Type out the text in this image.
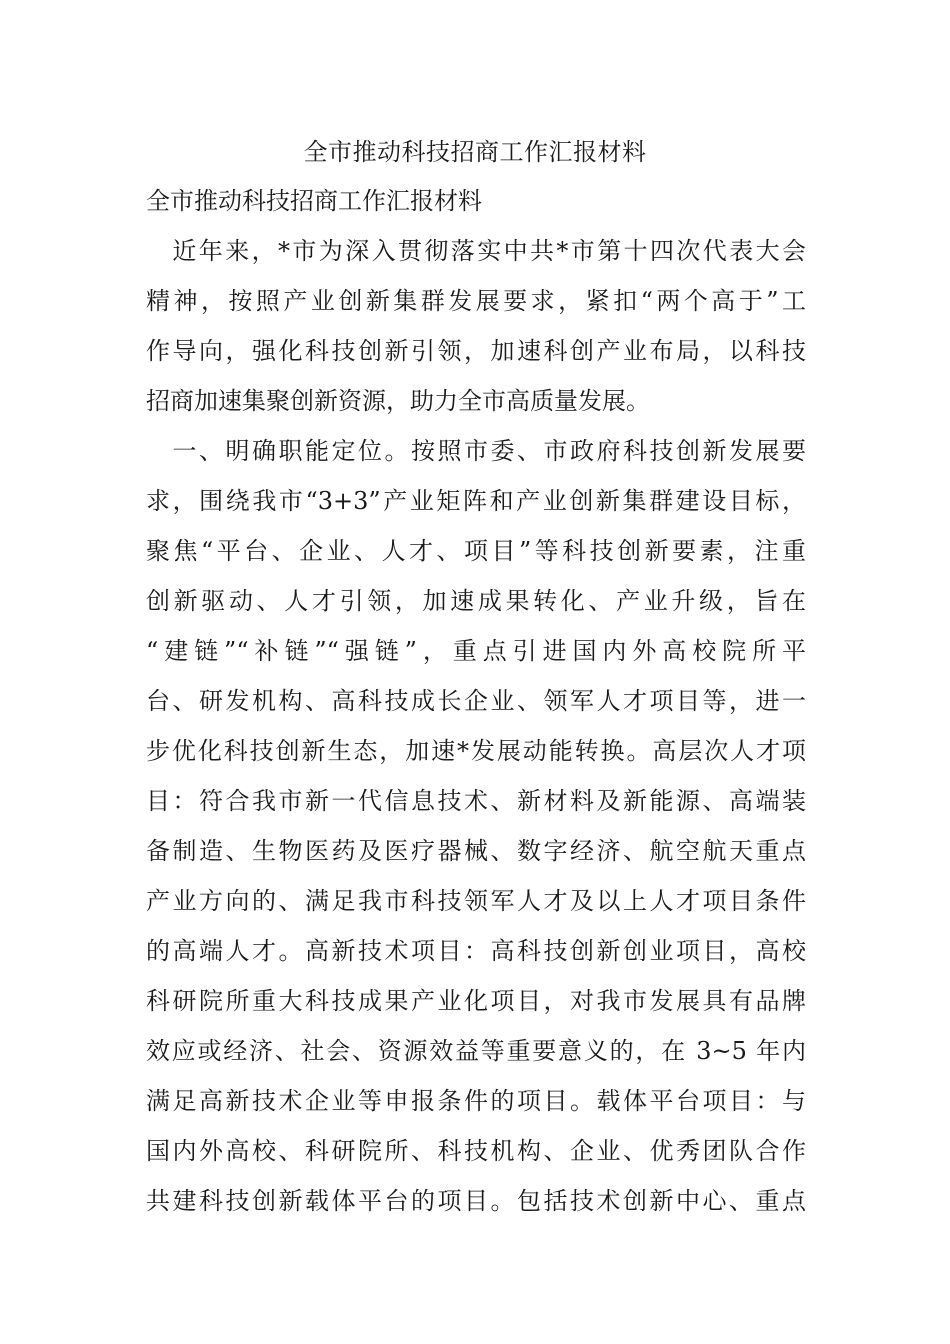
全市推动科技招商工作汇报材料
全市推动科技招商工作汇报材料
　近年来，*市为深入贯彻落实中共*市第十四次代表大会
精神，按照产业创新集群发展要求，紧扣“两个高于”工
作导向，强化科技创新引领，加速科创产业布局，以科技
招商加速集聚创新资源，助力全市高质量发展。
　一、明确职能定位。按照市委、市政府科技创新发展要
求，围绕我市“3+3”产业矩阵和产业创新集群建设目标，
聚焦“平台、企业、人才、项目”等科技创新要素，注重
创新驱动、人才引领，加速成果转化、产业升级，旨在
“建链”“补链”“强链”，重点引进国内外高校院所平
台、研发机构、高科技成长企业、领军人才项目等，进一
步优化科技创新生态，加速*发展动能转换。高层次人才项
目：符合我市新一代信息技术、新材料及新能源、高端装
备制造、生物医药及医疗器械、数字经济、航空航天重点
产业方向的、满足我市科技领军人才及以上人才项目条件
的高端人才。高新技术项目：高科技创新创业项目，高校
科研院所重大科技成果产业化项目，对我市发展具有品牌
效应或经济、社会、资源效益等重要意义的，在 3~5 年内
满足高新技术企业等申报条件的项目。载体平台项目：与
国内外高校、科研院所、科技机构、企业、优秀团队合作
共建科技创新载体平台的项目。包括技术创新中心、重点
